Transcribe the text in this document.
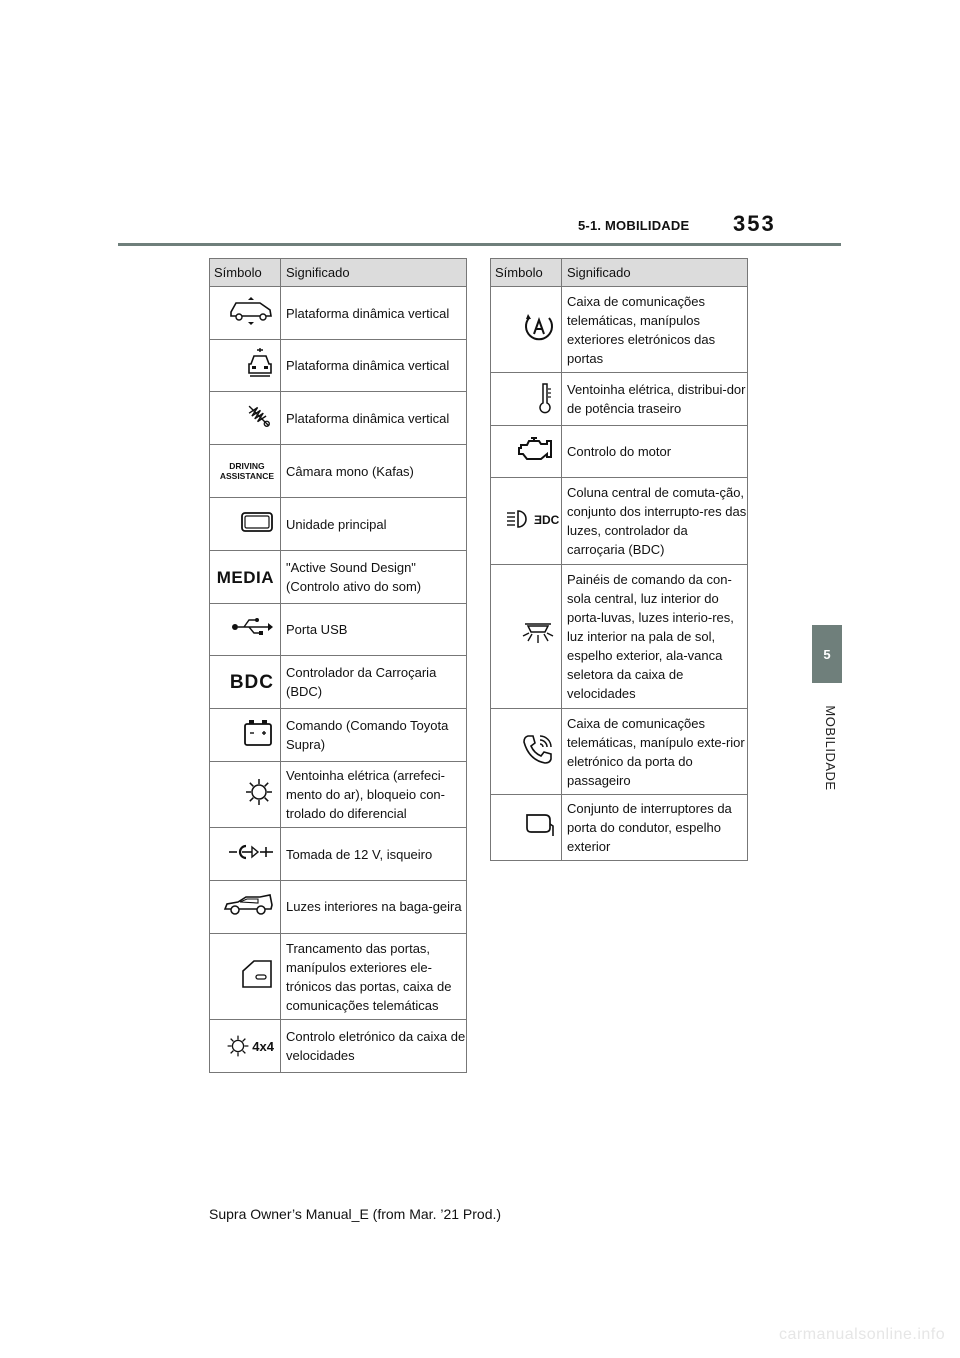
5-1. MOBILIDADE 353
5
MOBILIDADE
Símbolo	Significado
	Plataforma dinâmica vertical
	Plataforma dinâmica vertical
	Plataforma dinâmica vertical
DRIVING
ASSISTANCE	Câmara mono (Kafas)
	Unidade principal
MEDIA	"Active Sound Design" (Controlo ativo do som)
	Porta USB
BDC	Controlador da Carroçaria (BDC)
	Comando (Comando Toyota Supra)
	Ventoinha elétrica (arrefeci-mento do ar), bloqueio con-trolado do diferencial
	Tomada de 12 V, isqueiro
	Luzes interiores na baga-geira
	Trancamento das portas, manípulos exteriores ele-trónicos das portas, caixa de comunicações telemáticas
4x4	Controlo eletrónico da caixa de velocidades
Símbolo	Significado
	Caixa de comunicações telemáticas, manípulos exteriores eletrónicos das portas
	Ventoinha elétrica, distribui-dor de potência traseiro
	Controlo do motor

ƎDC	Coluna central de comuta-ção, conjunto dos interrupto-res das luzes, controlador da carroçaria (BDC)
	Painéis de comando da con-sola central, luz interior do porta-luvas, luzes interio-res, luz interior na pala de sol, espelho exterior, ala-vanca seletora da caixa de velocidades
	Caixa de comunicações telemáticas, manípulo exte-rior eletrónico da porta do passageiro
	Conjunto de interruptores da porta do condutor, espelho exterior
Supra Owner’s Manual_E (from Mar. ’21 Prod.)
carmanualsonline.info
